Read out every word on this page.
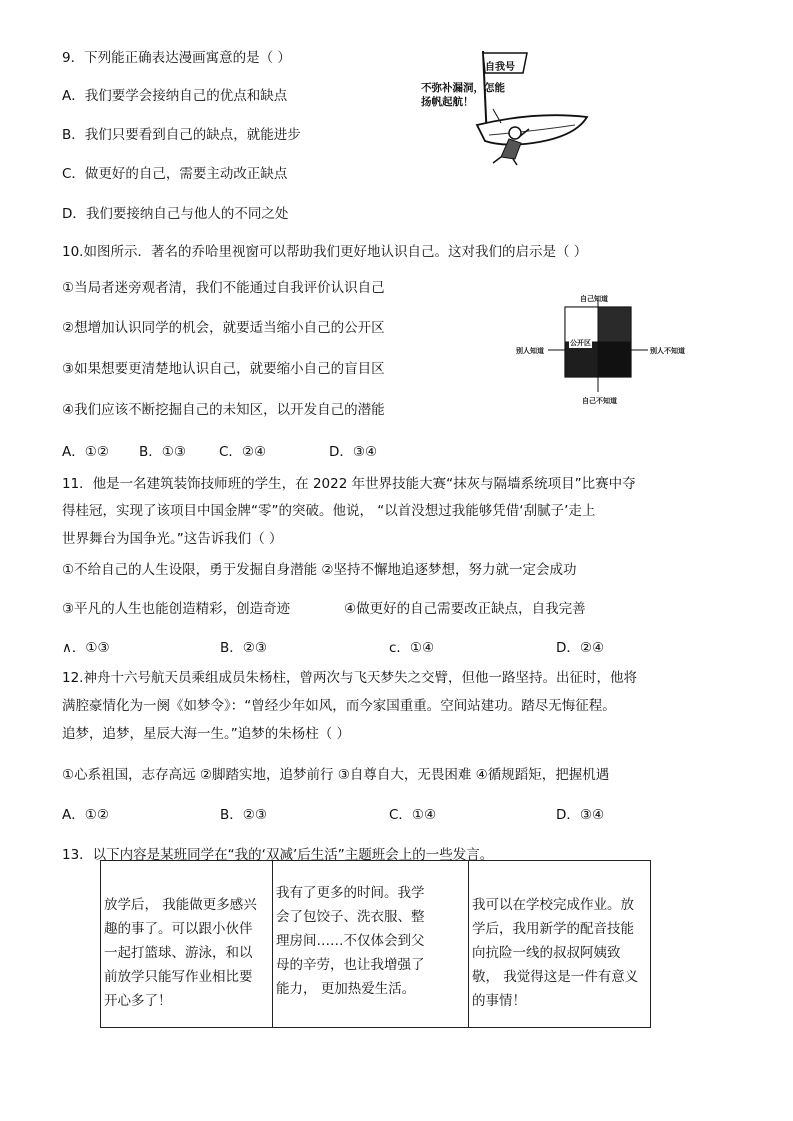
9．下列能正确表达漫画寓意的是（ ）
A．我们要学会接纳自己的优点和缺点
B．我们只要看到自己的缺点，就能进步
C．做更好的自己，需要主动改正缺点
D．我们要接纳自己与他人的不同之处
自我号
不弥补漏洞，怎能
扬帆起航！
10.如图所示．著名的乔哈里视窗可以帮助我们更好地认识自己。这对我们的启示是（ ）
①当局者迷旁观者清，我们不能通过自我评价认识自己
②想增加认识同学的机会，就要适当缩小自己的公开区
③如果想要更清楚地认识自己，就要缩小自己的盲目区
④我们应该不断挖掘自己的未知区，以开发自己的潜能
A．①② B．①③ C．②④	D．③④
自己知道
自己不知道
别人知道	别人不知道
公开区
11．他是一名建筑装饰技师班的学生，在 2022 年世界技能大赛“抹灰与隔墙系统项目”比赛中夺
得桂冠，实现了该项目中国金牌“零”的突破。他说， “以首没想过我能够凭借‘刮腻子’走上
世界舞台为国争光。”这告诉我们（ ）
①不给自己的人生设限，勇于发掘自身潜能 ②坚持不懈地追逐梦想，努力就一定会成功
③平凡的人生也能创造精彩，创造奇迹	④做更好的自己需要改正缺点，自我完善
∧．①③	B．②③	c．①④	D．②④
12.神舟十六号航天员乘组成员朱杨柱，曾两次与飞天梦失之交臂，但他一路坚持。出征时，他将
满腔豪情化为一阕《如梦令》：“曾经少年如风，而今家国重重。空间站建功。踏尽无悔征程。
追梦，追梦，星辰大海一生。”追梦的朱杨柱（ ）
①心系祖国，志存高远 ②脚踏实地，追梦前行 ③自尊自大，无畏困难 ④循规蹈矩，把握机遇
A．①②	B．②③	C．①④	D．③④
13．以下内容是某班同学在“我的‘双减’后生活”主题班会上的一些发言。
放学后， 我能做更多感兴
趣的事了。可以跟小伙伴
一起打篮球、游泳，和以
前放学只能写作业相比要
开心多了！

我有了更多的时间。我学
会了包饺子、洗衣服、整
理房间……不仅体会到父
母的辛劳，也让我增强了
能力， 更加热爱生活。

我可以在学校完成作业。放
学后，我用新学的配音技能
向抗险一线的叔叔阿姨致
敬， 我觉得这是一件有意义
的事情！
